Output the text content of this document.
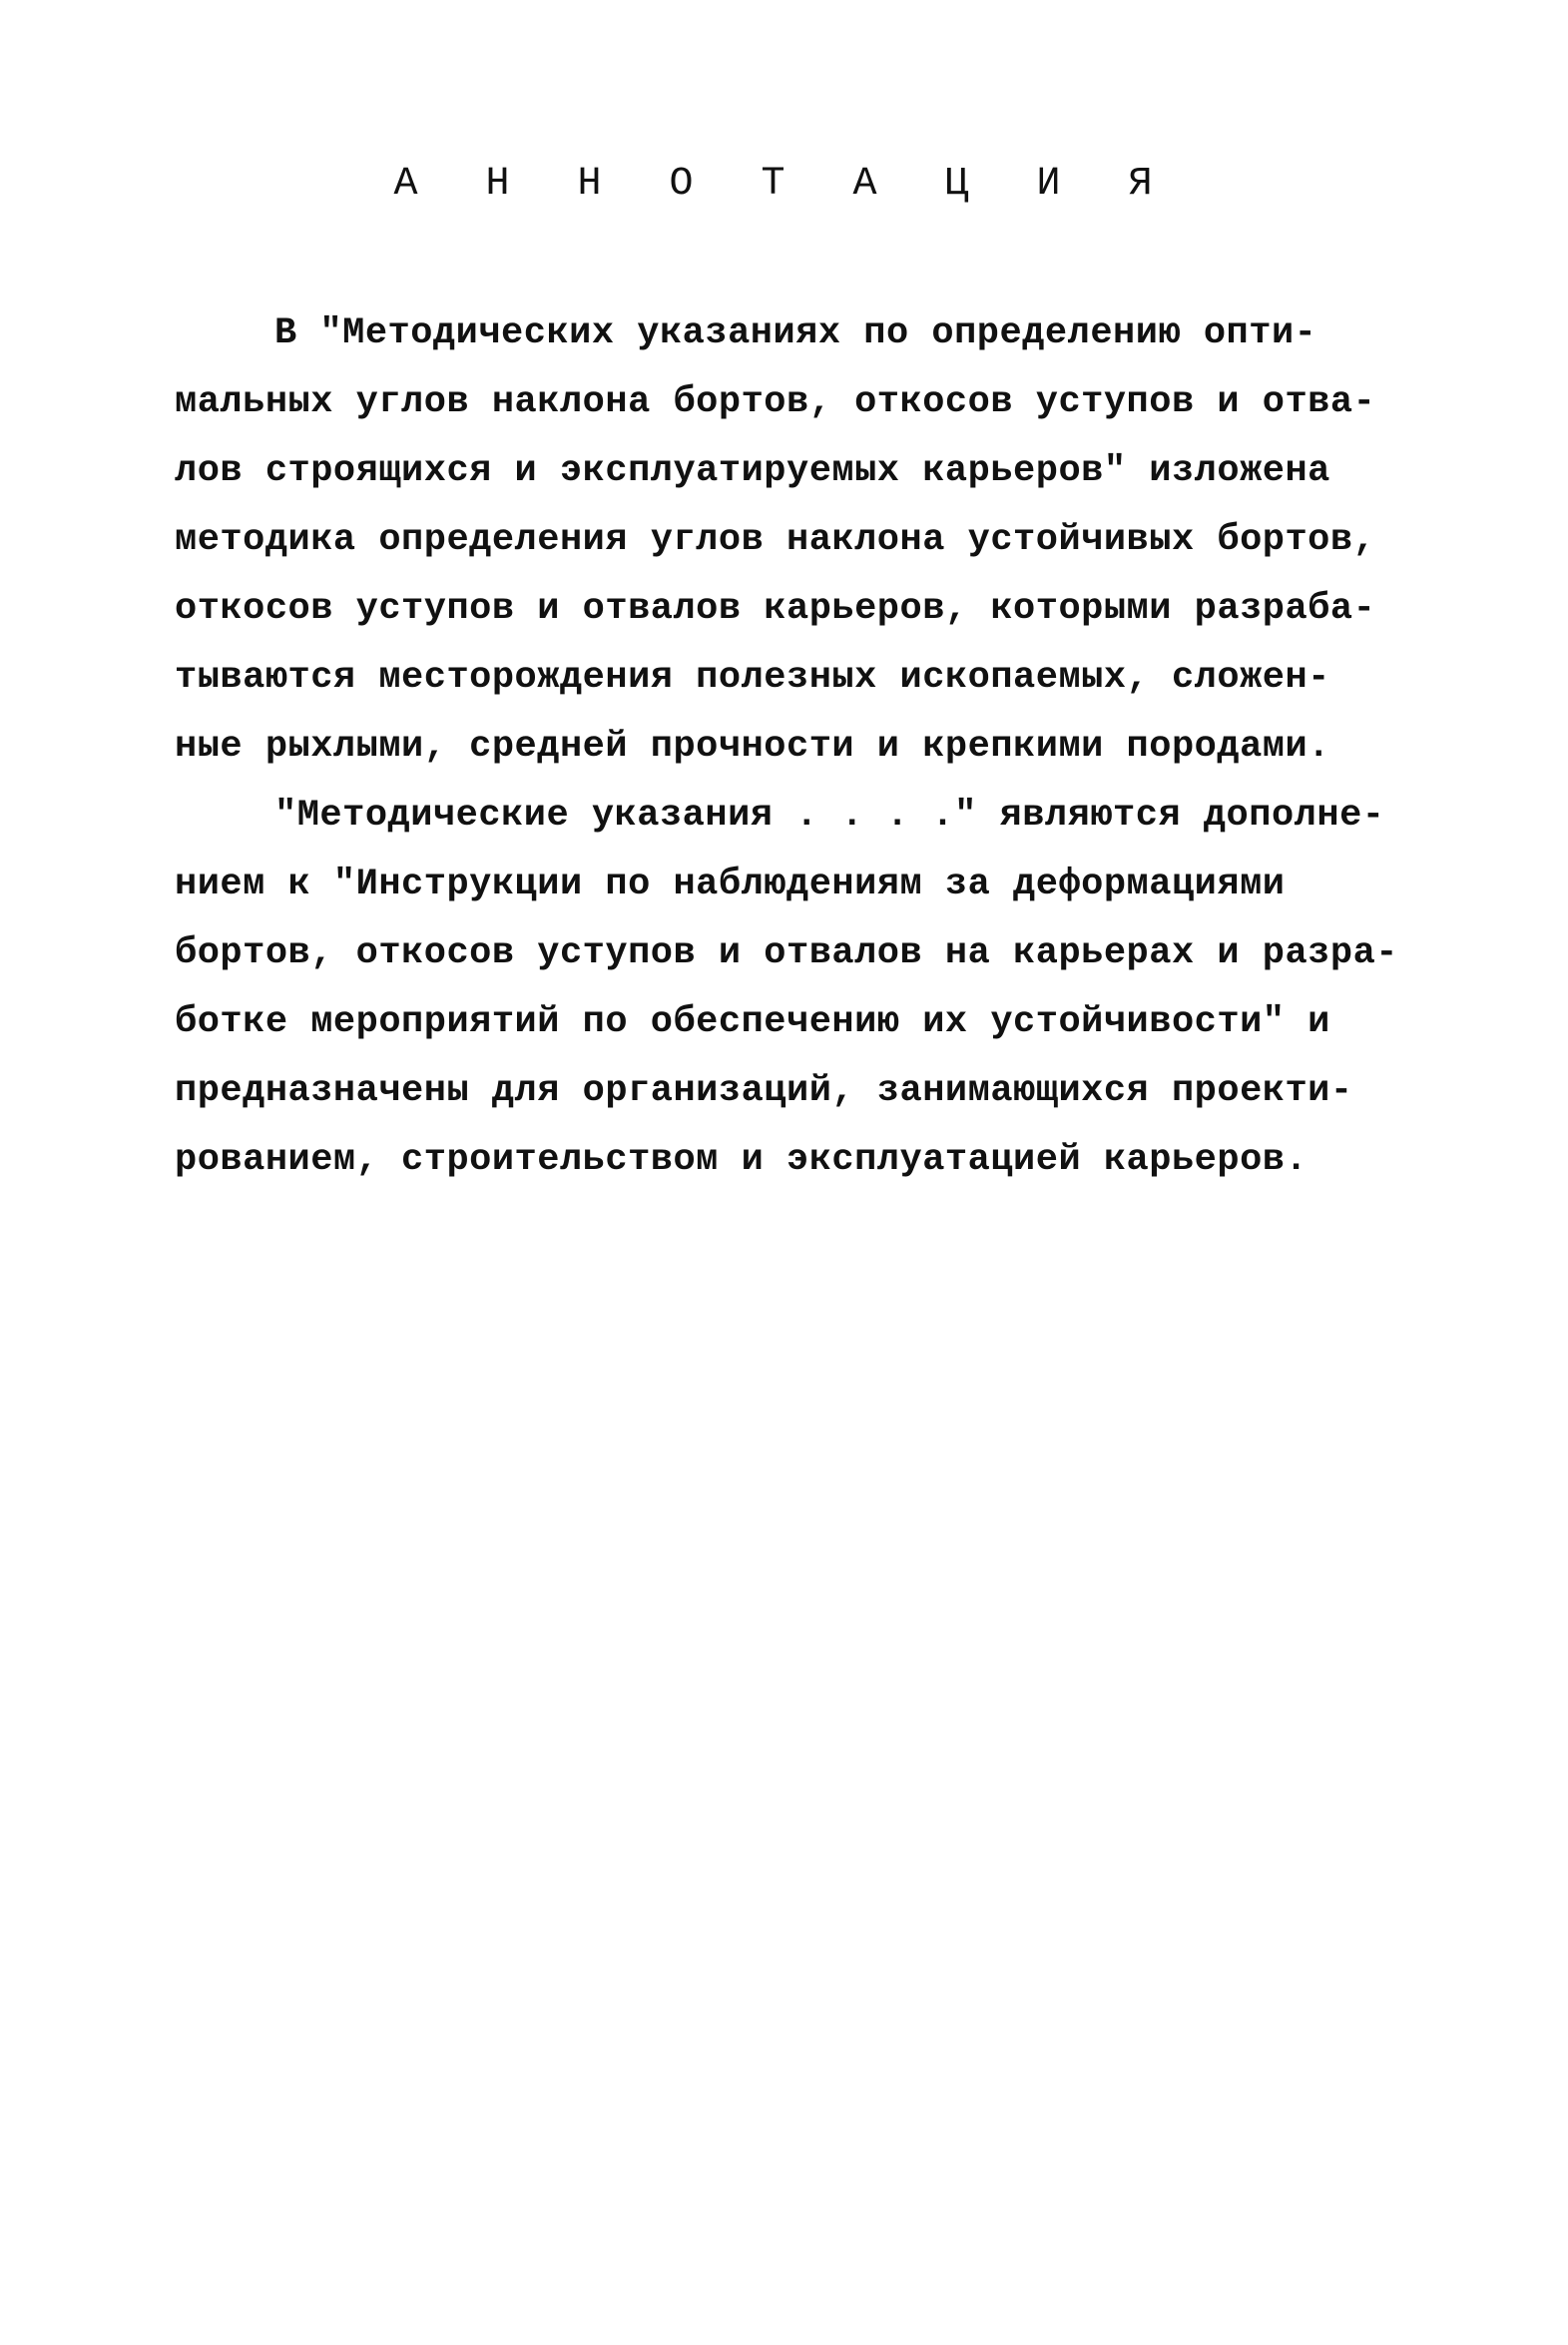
А Н Н О Т А Ц И Я
В ″Методических указаниях по определению опти-
мальных углов наклона бортов, откосов уступов и отва-
лов строящихся и эксплуатируемых карьеров″ изложена
методика определения углов наклона устойчивых бортов,
откосов уступов и отвалов карьеров, которыми разраба-
тываются месторождения полезных ископаемых, сложен-
ные рыхлыми, средней прочности и крепкими породами.
″Методические указания . . . .″ являются дополне-
нием к ″Инструкции по наблюдениям за деформациями
бортов, откосов уступов и отвалов на карьерах и разра-
ботке мероприятий по обеспечению их устойчивости″ и
предназначены для организаций, занимающихся проекти-
рованием, строительством и эксплуатацией карьеров.
